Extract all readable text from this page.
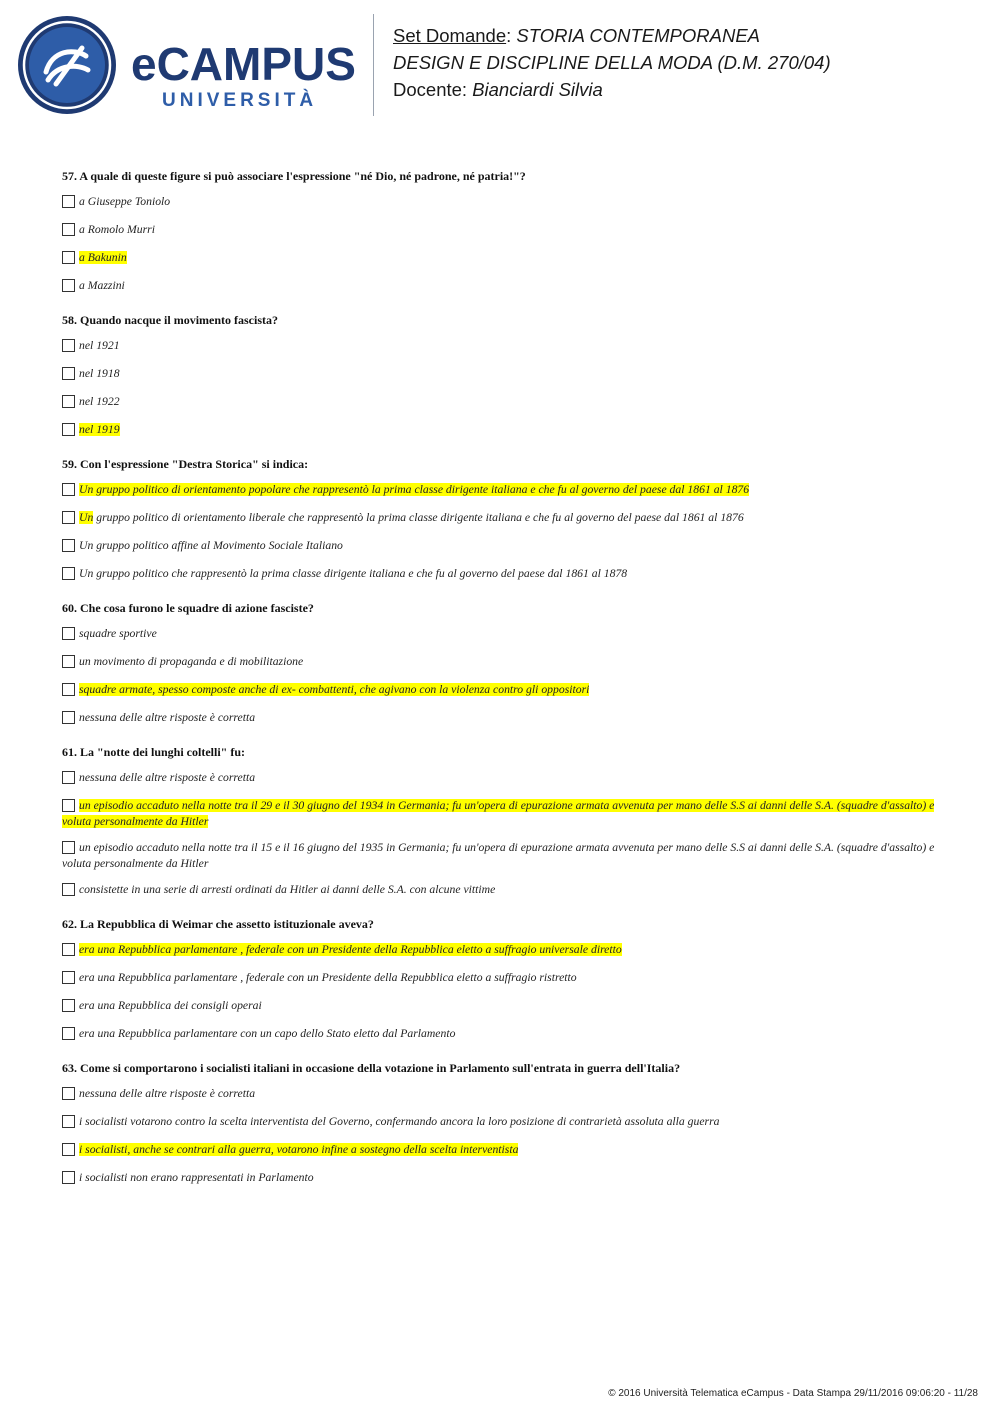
eCAMPUS
UNIVERSITÀ
Set Domande: STORIA CONTEMPORANEA
DESIGN E DISCIPLINE DELLA MODA (D.M. 270/04)
Docente: Bianciardi Silvia
57. A quale di queste figure si può associare l'espressione "né Dio, né padrone, né patria!"?
a Giuseppe Toniolo
a Romolo Murri
a Bakunin
a Mazzini
58. Quando nacque il movimento fascista?
nel 1921
nel 1918
nel 1922
nel 1919
59. Con l'espressione "Destra Storica" si indica:
Un gruppo politico di orientamento popolare che rappresentò la prima classe dirigente italiana e che fu al governo del paese dal 1861 al 1876
Un gruppo politico di orientamento liberale che rappresentò la prima classe dirigente italiana e che fu al governo del paese dal 1861 al 1876
Un gruppo politico affine al Movimento Sociale Italiano
Un gruppo politico che rappresentò la prima classe dirigente italiana e che fu al governo del paese dal 1861 al 1878
60. Che cosa furono le squadre di azione fasciste?
squadre sportive
un movimento di propaganda e di mobilitazione
squadre armate, spesso composte anche di ex- combattenti, che agivano con la violenza contro gli oppositori
nessuna delle altre risposte è corretta
61. La "notte dei lunghi coltelli" fu:
nessuna delle altre risposte è corretta
un episodio accaduto nella notte tra il 29 e il 30 giugno del 1934 in Germania; fu un'opera di epurazione armata avvenuta per mano delle S.S ai danni delle S.A. (squadre d'assalto) e voluta personalmente da Hitler
un episodio accaduto nella notte tra il 15 e il 16 giugno del 1935 in Germania; fu un'opera di epurazione armata avvenuta per mano delle S.S ai danni delle S.A. (squadre d'assalto) e voluta personalmente da Hitler
consistette in una serie di arresti ordinati da Hitler ai danni delle S.A. con alcune vittime
62. La Repubblica di Weimar che assetto istituzionale aveva?
era una Repubblica parlamentare , federale con un Presidente della Repubblica eletto a suffragio universale diretto
era una Repubblica parlamentare , federale con un Presidente della Repubblica eletto a suffragio ristretto
era una Repubblica dei consigli operai
era una Repubblica parlamentare con un capo dello Stato eletto dal Parlamento
63. Come si comportarono i socialisti italiani in occasione della votazione in Parlamento sull'entrata in guerra dell'Italia?
nessuna delle altre risposte è corretta
i socialisti votarono contro la scelta interventista del Governo, confermando ancora la loro posizione di contrarietà assoluta alla guerra
i socialisti, anche se contrari alla guerra, votarono infine a sostegno della scelta interventista
i socialisti non erano rappresentati in Parlamento
© 2016 Università Telematica eCampus - Data Stampa 29/11/2016 09:06:20 - 11/28
